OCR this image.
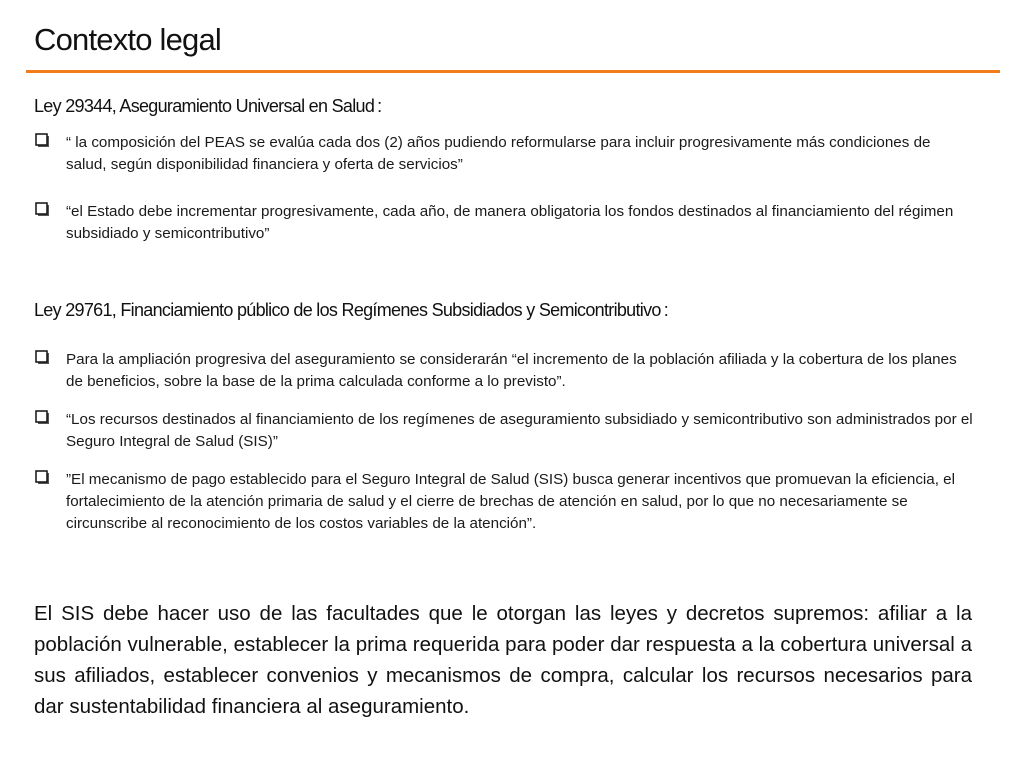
Contexto legal
Ley 29344, Aseguramiento Universal en Salud :
“ la composición del PEAS se evalúa cada dos (2) años pudiendo reformularse para incluir progresivamente más condiciones de salud, según disponibilidad financiera y oferta de servicios”
“el Estado debe incrementar progresivamente, cada año, de manera obligatoria los fondos destinados al financiamiento del régimen subsidiado y semicontributivo”
Ley 29761, Financiamiento público de los Regímenes Subsidiados y Semicontributivo :
Para la ampliación progresiva del aseguramiento se considerarán “el incremento de la población afiliada y la cobertura de los planes de beneficios, sobre la base de la prima calculada conforme a lo previsto”.
“Los recursos destinados al financiamiento de los regímenes de aseguramiento subsidiado y semicontributivo son administrados por el Seguro Integral de Salud (SIS)”
”El mecanismo de pago establecido para el Seguro Integral de Salud (SIS) busca generar incentivos que promuevan la eficiencia, el fortalecimiento de la atención primaria de salud y el cierre de brechas de atención en salud, por lo que no necesariamente se circunscribe al reconocimiento de los costos variables de la atención”.
El SIS debe hacer uso de las facultades que le otorgan las leyes y decretos supremos: afiliar a la población vulnerable, establecer la prima requerida para poder dar respuesta a la cobertura universal a sus afiliados, establecer convenios y mecanismos de compra, calcular los recursos necesarios para dar sustentabilidad financiera al aseguramiento.
